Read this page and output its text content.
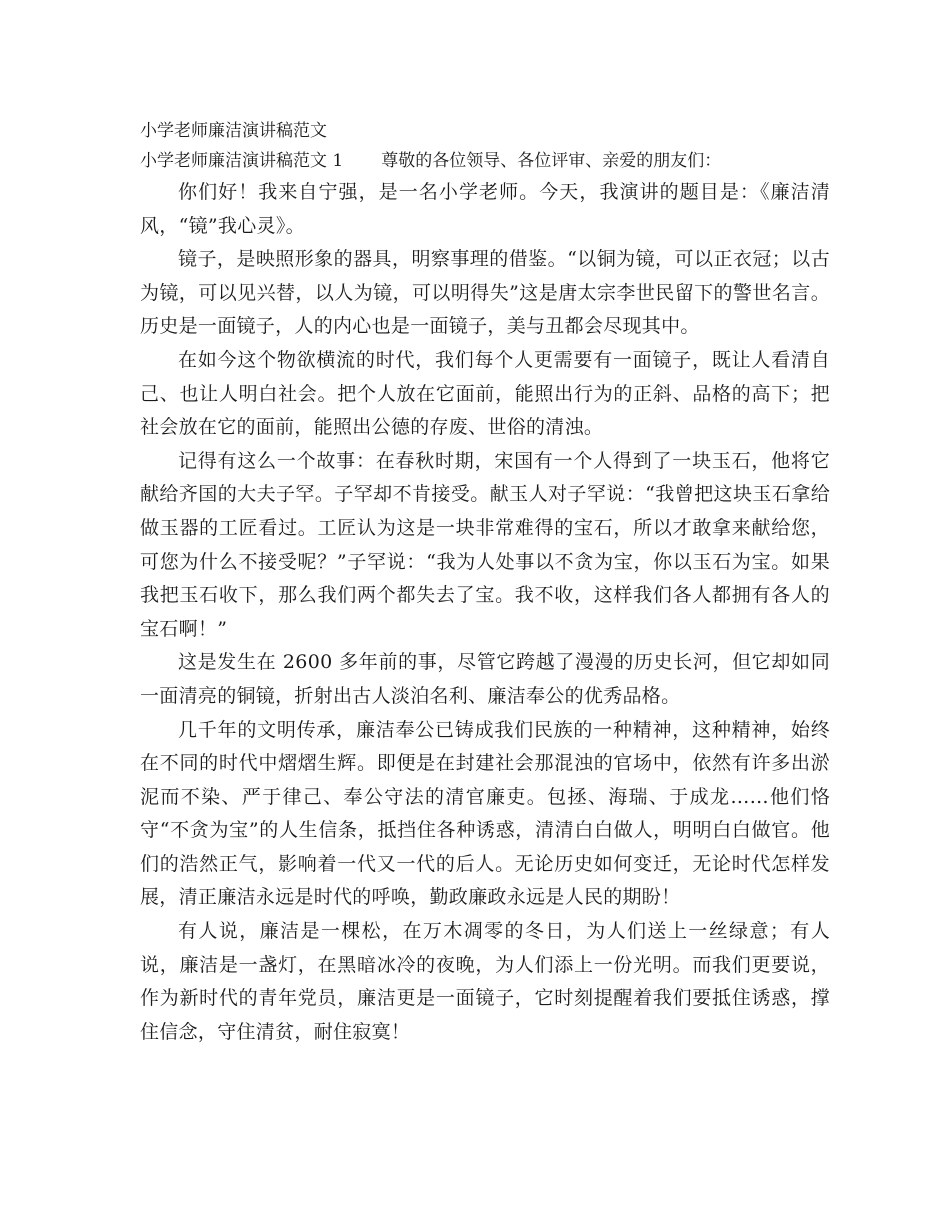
小学老师廉洁演讲稿范文

小学老师廉洁演讲稿范文 1 尊敬的各位领导、各位评审、亲爱的朋友们：

你们好！我来自宁强，是一名小学老师。今天，我演讲的题目是：《廉洁清风，“镜”我心灵》。

镜子，是映照形象的器具，明察事理的借鉴。“以铜为镜，可以正衣冠；以古为镜，可以见兴替，以人为镜，可以明得失”这是唐太宗李世民留下的警世名言。历史是一面镜子，人的内心也是一面镜子，美与丑都会尽现其中。

在如今这个物欲横流的时代，我们每个人更需要有一面镜子，既让人看清自己、也让人明白社会。把个人放在它面前，能照出行为的正斜、品格的高下；把社会放在它的面前，能照出公德的存废、世俗的清浊。

记得有这么一个故事：在春秋时期，宋国有一个人得到了一块玉石，他将它献给齐国的大夫子罕。子罕却不肯接受。献玉人对子罕说：“我曾把这块玉石拿给做玉器的工匠看过。工匠认为这是一块非常难得的宝石，所以才敢拿来献给您，可您为什么不接受呢？”子罕说：“我为人处事以不贪为宝，你以玉石为宝。如果我把玉石收下，那么我们两个都失去了宝。我不收，这样我们各人都拥有各人的宝石啊！”

这是发生在 2600 多年前的事，尽管它跨越了漫漫的历史长河，但它却如同一面清亮的铜镜，折射出古人淡泊名利、廉洁奉公的优秀品格。

几千年的文明传承，廉洁奉公已铸成我们民族的一种精神，这种精神，始终在不同的时代中熠熠生辉。即便是在封建社会那混浊的官场中，依然有许多出淤泥而不染、严于律己、奉公守法的清官廉吏。包拯、海瑞、于成龙……他们恪守“不贪为宝”的人生信条，抵挡住各种诱惑，清清白白做人，明明白白做官。他们的浩然正气，影响着一代又一代的后人。无论历史如何变迁，无论时代怎样发展，清正廉洁永远是时代的呼唤，勤政廉政永远是人民的期盼！

有人说，廉洁是一棵松，在万木凋零的冬日，为人们送上一丝绿意；有人说，廉洁是一盏灯，在黑暗冰冷的夜晚，为人们添上一份光明。而我们更要说，作为新时代的青年党员，廉洁更是一面镜子，它时刻提醒着我们要抵住诱惑，撑住信念，守住清贫，耐住寂寞！
